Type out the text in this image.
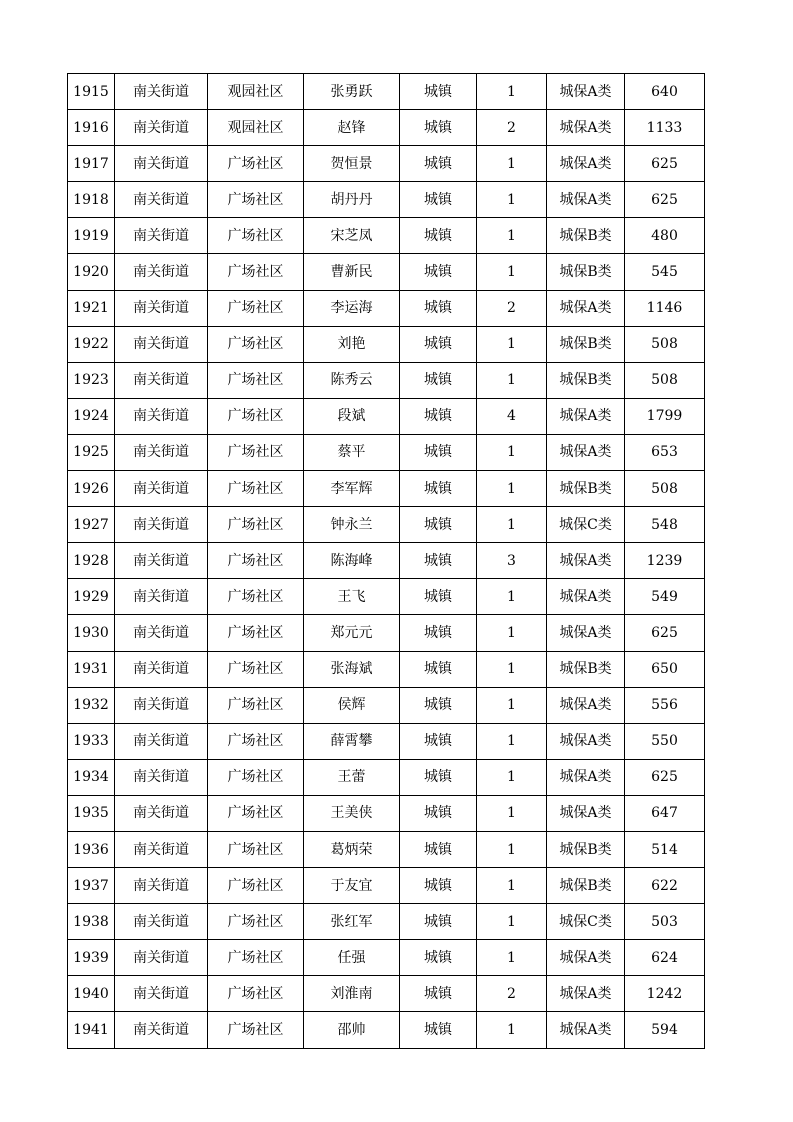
1915	南关街道	观园社区	张勇跃	城镇	1	城保A类	640
1916	南关街道	观园社区	赵锋	城镇	2	城保A类	1133
1917	南关街道	广场社区	贺恒景	城镇	1	城保A类	625
1918	南关街道	广场社区	胡丹丹	城镇	1	城保A类	625
1919	南关街道	广场社区	宋芝凤	城镇	1	城保B类	480
1920	南关街道	广场社区	曹新民	城镇	1	城保B类	545
1921	南关街道	广场社区	李运海	城镇	2	城保A类	1146
1922	南关街道	广场社区	刘艳	城镇	1	城保B类	508
1923	南关街道	广场社区	陈秀云	城镇	1	城保B类	508
1924	南关街道	广场社区	段斌	城镇	4	城保A类	1799
1925	南关街道	广场社区	蔡平	城镇	1	城保A类	653
1926	南关街道	广场社区	李军辉	城镇	1	城保B类	508
1927	南关街道	广场社区	钟永兰	城镇	1	城保C类	548
1928	南关街道	广场社区	陈海峰	城镇	3	城保A类	1239
1929	南关街道	广场社区	王飞	城镇	1	城保A类	549
1930	南关街道	广场社区	郑元元	城镇	1	城保A类	625
1931	南关街道	广场社区	张海斌	城镇	1	城保B类	650
1932	南关街道	广场社区	侯辉	城镇	1	城保A类	556
1933	南关街道	广场社区	薛霄攀	城镇	1	城保A类	550
1934	南关街道	广场社区	王蕾	城镇	1	城保A类	625
1935	南关街道	广场社区	王美侠	城镇	1	城保A类	647
1936	南关街道	广场社区	葛炳荣	城镇	1	城保B类	514
1937	南关街道	广场社区	于友宜	城镇	1	城保B类	622
1938	南关街道	广场社区	张红军	城镇	1	城保C类	503
1939	南关街道	广场社区	任强	城镇	1	城保A类	624
1940	南关街道	广场社区	刘淮南	城镇	2	城保A类	1242
1941	南关街道	广场社区	邵帅	城镇	1	城保A类	594
